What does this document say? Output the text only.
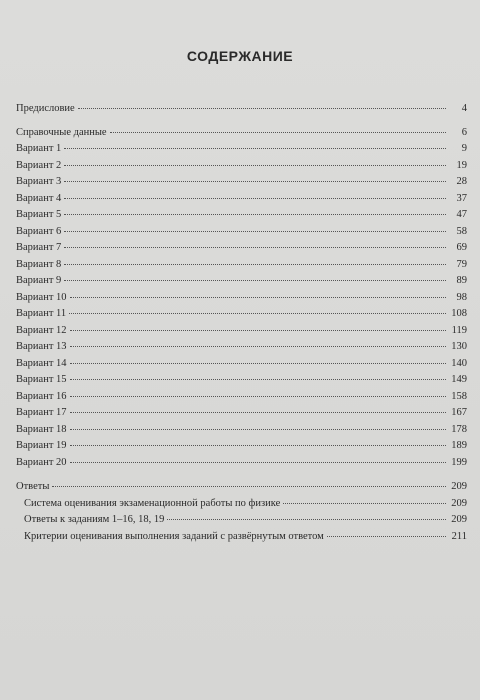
СОДЕРЖАНИЕ
Предисловие	4
Справочные данные	6
Вариант 1	9
Вариант 2	19
Вариант 3	28
Вариант 4	37
Вариант 5	47
Вариант 6	58
Вариант 7	69
Вариант 8	79
Вариант 9	89
Вариант 10	98
Вариант 11	108
Вариант 12	119
Вариант 13	130
Вариант 14	140
Вариант 15	149
Вариант 16	158
Вариант 17	167
Вариант 18	178
Вариант 19	189
Вариант 20	199
Ответы	209
Система оценивания экзаменационной работы по физике	209
Ответы к заданиям 1–16, 18, 19	209
Критерии оценивания выполнения заданий с развёрнутым ответом	211
